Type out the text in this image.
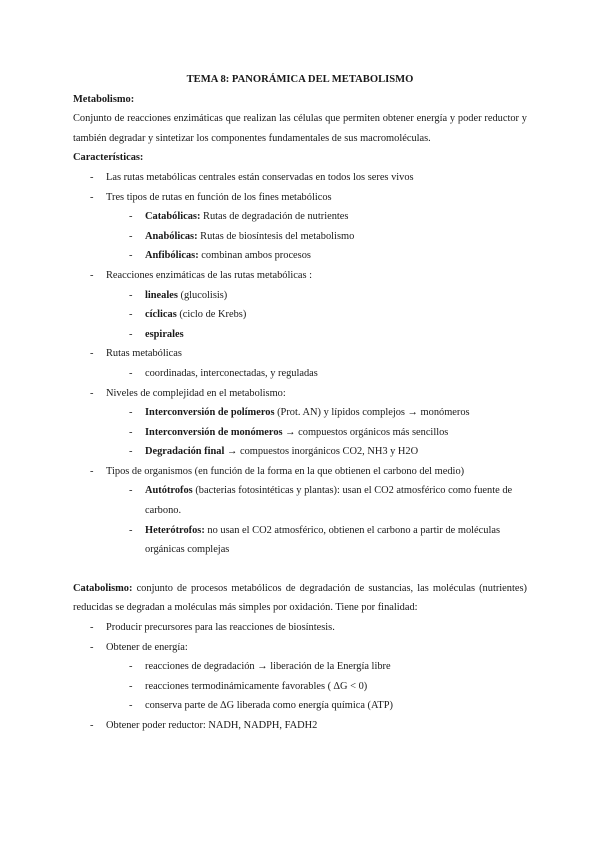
TEMA 8: PANORÁMICA DEL METABOLISMO

Metabolismo:

Conjunto de reacciones enzimáticas que realizan las células que permiten obtener energía y poder reductor y también degradar y sintetizar los componentes fundamentales de sus macromoléculas.

Características:

- Las rutas metabólicas centrales están conservadas en todos los seres vivos
- Tres tipos de rutas en función de los fines metabólicos
- Catabólicas: Rutas de degradación de nutrientes
- Anabólicas: Rutas de biosíntesis del metabolismo
- Anfibólicas: combinan ambos procesos
- Reacciones enzimáticas de las rutas metabólicas :
- lineales (glucolisis)
- cíclicas (ciclo de Krebs)
- espirales
- Rutas metabólicas
- coordinadas, interconectadas, y reguladas
- Niveles de complejidad en el metabolismo:
- Interconversión de polímeros (Prot. AN) y lípidos complejos → monómeros
- Interconversión de monómeros → compuestos orgánicos más sencillos
- Degradación final → compuestos inorgánicos CO2, NH3 y H2O
- Tipos de organismos (en función de la forma en la que obtienen el carbono del medio)
- Autótrofos (bacterias fotosintéticas y plantas): usan el CO2 atmosférico como fuente de carbono.
- Heterótrofos: no usan el CO2 atmosférico, obtienen el carbono a partir de moléculas orgánicas complejas

Catabolismo: conjunto de procesos metabólicos de degradación de sustancias, las moléculas (nutrientes) reducidas se degradan a moléculas más simples por oxidación. Tiene por finalidad:

- Producir precursores para las reacciones de biosíntesis.
- Obtener de energía:
- reacciones de degradación → liberación de la Energía libre
- reacciones termodinámicamente favorables ( ∆G < 0)
- conserva parte de ∆G liberada como energía química (ATP)
- Obtener poder reductor: NADH, NADPH, FADH2
